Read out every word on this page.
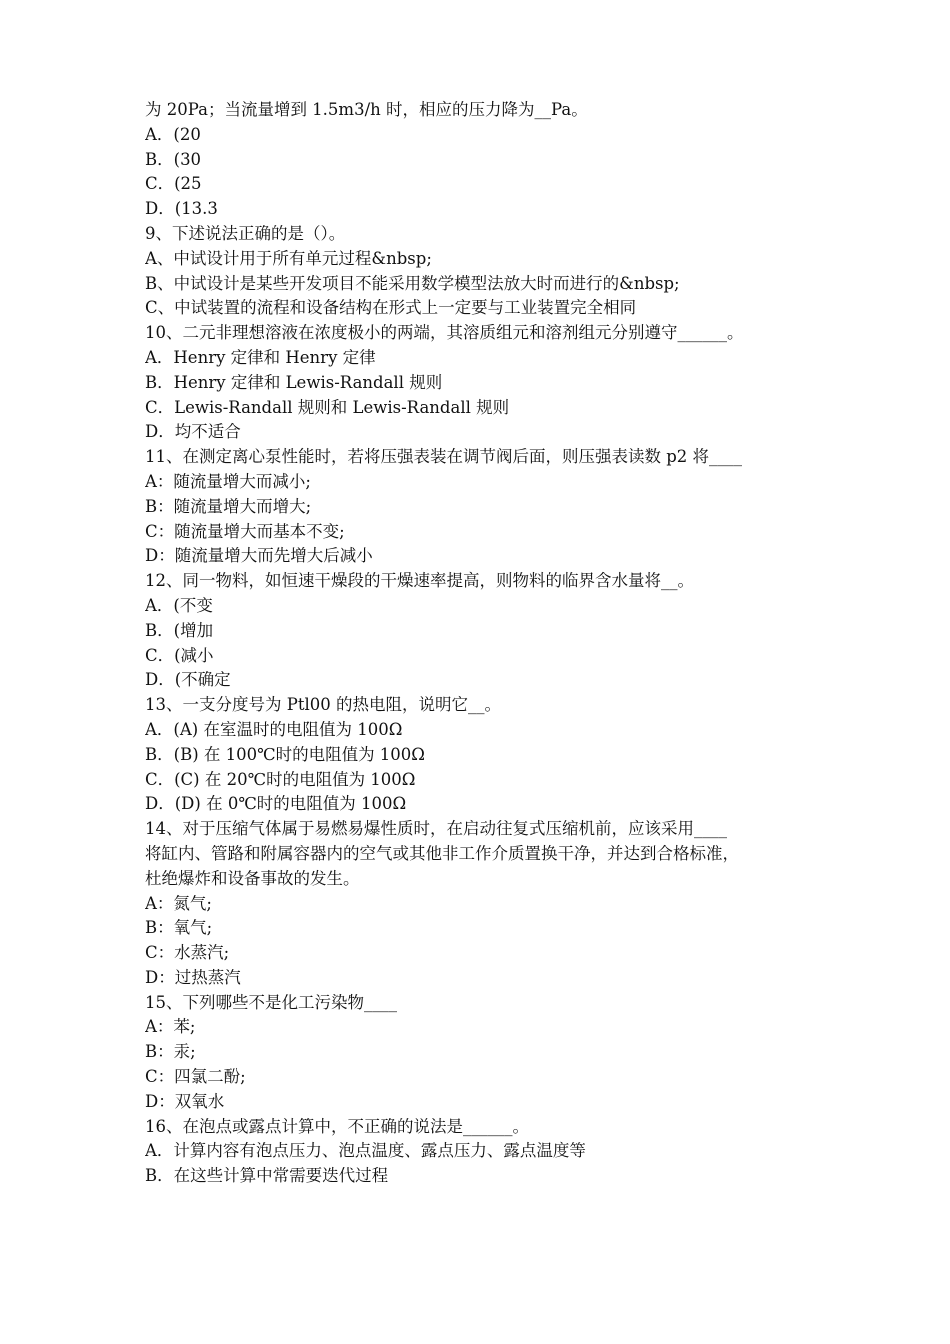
为 20Pa；当流量增到 1.5m3/h 时，相应的压力降为__Pa。
A．(20
B．(30
C．(25
D．(13.3
9、下述说法正确的是（）。
A、中试设计用于所有单元过程&nbsp;
B、中试设计是某些开发项目不能采用数学模型法放大时而进行的&nbsp;
C、中试装置的流程和设备结构在形式上一定要与工业装置完全相同
10、二元非理想溶液在浓度极小的两端，其溶质组元和溶剂组元分别遵守______。
A．Henry 定律和 Henry 定律
B．Henry 定律和 Lewis-Randall 规则
C．Lewis-Randall 规则和 Lewis-Randall 规则
D．均不适合
11、在测定离心泵性能时，若将压强表装在调节阀后面，则压强表读数 p2 将____
A：随流量增大而减小;
B：随流量增大而增大;
C：随流量增大而基本不变;
D：随流量增大而先增大后减小
12、同一物料，如恒速干燥段的干燥速率提高，则物料的临界含水量将__。
A．(不变
B．(增加
C．(减小
D．(不确定
13、一支分度号为 Ptl00 的热电阻，说明它__。
A．(A) 在室温时的电阻值为 100Ω
B．(B) 在 100℃时的电阻值为 100Ω
C．(C) 在 20℃时的电阻值为 100Ω
D．(D) 在 0℃时的电阻值为 100Ω
14、对于压缩气体属于易燃易爆性质时，在启动往复式压缩机前，应该采用____
将缸内、管路和附属容器内的空气或其他非工作介质置换干净，并达到合格标准，
杜绝爆炸和设备事故的发生。
A：氮气;
B：氧气;
C：水蒸汽;
D：过热蒸汽
15、下列哪些不是化工污染物____
A：苯;
B：汞;
C：四氯二酚;
D：双氧水
16、在泡点或露点计算中，不正确的说法是______。
A．计算内容有泡点压力、泡点温度、露点压力、露点温度等
B．在这些计算中常需要迭代过程
